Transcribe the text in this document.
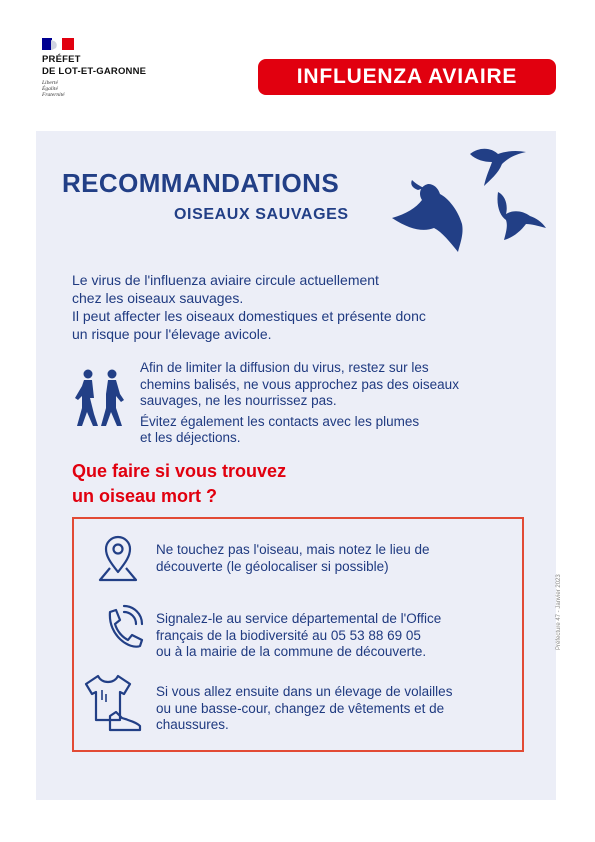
PRÉFET
DE LOT-ET-GARONNE
Liberté
Égalité
Fraternité
INFLUENZA AVIAIRE
RECOMMANDATIONS
OISEAUX SAUVAGES
Le virus de l'influenza aviaire circule actuellement
chez les oiseaux sauvages.
Il peut affecter les oiseaux domestiques et présente donc
un risque pour l'élevage avicole.
Afin de limiter la diffusion du virus, restez sur les
chemins balisés, ne vous approchez pas des oiseaux
sauvages, ne les nourrissez pas.
Évitez également les contacts avec les plumes
et les déjections.
Que faire si vous trouvez
un oiseau mort ?
Ne touchez pas l'oiseau, mais notez le lieu de
découverte (le géolocaliser si possible)
Signalez-le au service départemental de l'Office
français de la biodiversité au 05 53 88 69 05
ou à la mairie de la commune de découverte.
Si vous allez ensuite dans un élevage de volailles
ou une basse-cour, changez de vêtements et de
chaussures.
Préfecture 47 - Janvier 2023
